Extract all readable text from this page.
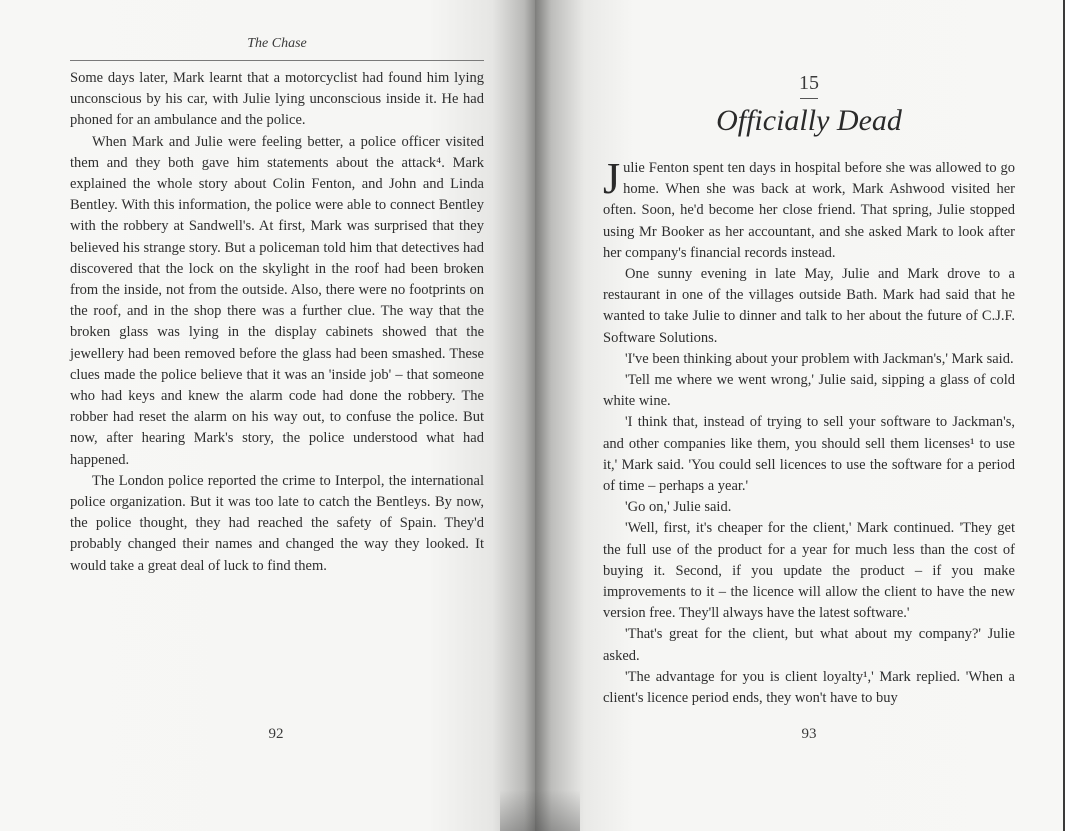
The Chase

Some days later, Mark learnt that a motorcyclist had found him lying unconscious by his car, with Julie lying unconscious inside it. He had phoned for an ambulance and the police.

When Mark and Julie were feeling better, a police officer visited them and they both gave him statements about the attack⁴. Mark explained the whole story about Colin Fenton, and John and Linda Bentley. With this information, the police were able to connect Bentley with the robbery at Sandwell's. At first, Mark was surprised that they believed his strange story. But a policeman told him that detectives had discovered that the lock on the skylight in the roof had been broken from the inside, not from the outside. Also, there were no footprints on the roof, and in the shop there was a further clue. The way that the broken glass was lying in the display cabinets showed that the jewellery had been removed before the glass had been smashed. These clues made the police believe that it was an 'inside job' – that someone who had keys and knew the alarm code had done the robbery. The robber had reset the alarm on his way out, to confuse the police. But now, after hearing Mark's story, the police understood what had happened.

The London police reported the crime to Interpol, the international police organization. But it was too late to catch the Bentleys. By now, the police thought, they had reached the safety of Spain. They'd probably changed their names and changed the way they looked. It would take a great deal of luck to find them.

92
15
Officially Dead

Julie Fenton spent ten days in hospital before she was allowed to go home. When she was back at work, Mark Ashwood visited her often. Soon, he'd become her close friend. That spring, Julie stopped using Mr Booker as her accountant, and she asked Mark to look after her company's financial records instead.

One sunny evening in late May, Julie and Mark drove to a restaurant in one of the villages outside Bath. Mark had said that he wanted to take Julie to dinner and talk to her about the future of C.J.F. Software Solutions.

'I've been thinking about your problem with Jackman's,' Mark said.

'Tell me where we went wrong,' Julie said, sipping a glass of cold white wine.

'I think that, instead of trying to sell your software to Jackman's, and other companies like them, you should sell them licenses¹ to use it,' Mark said. 'You could sell licences to use the software for a period of time – perhaps a year.'

'Go on,' Julie said.

'Well, first, it's cheaper for the client,' Mark continued. 'They get the full use of the product for a year for much less than the cost of buying it. Second, if you update the product – if you make improvements to it – the licence will allow the client to have the new version free. They'll always have the latest software.'

'That's great for the client, but what about my company?' Julie asked.

'The advantage for you is client loyalty¹,' Mark replied. 'When a client's licence period ends, they won't have to buy

93
